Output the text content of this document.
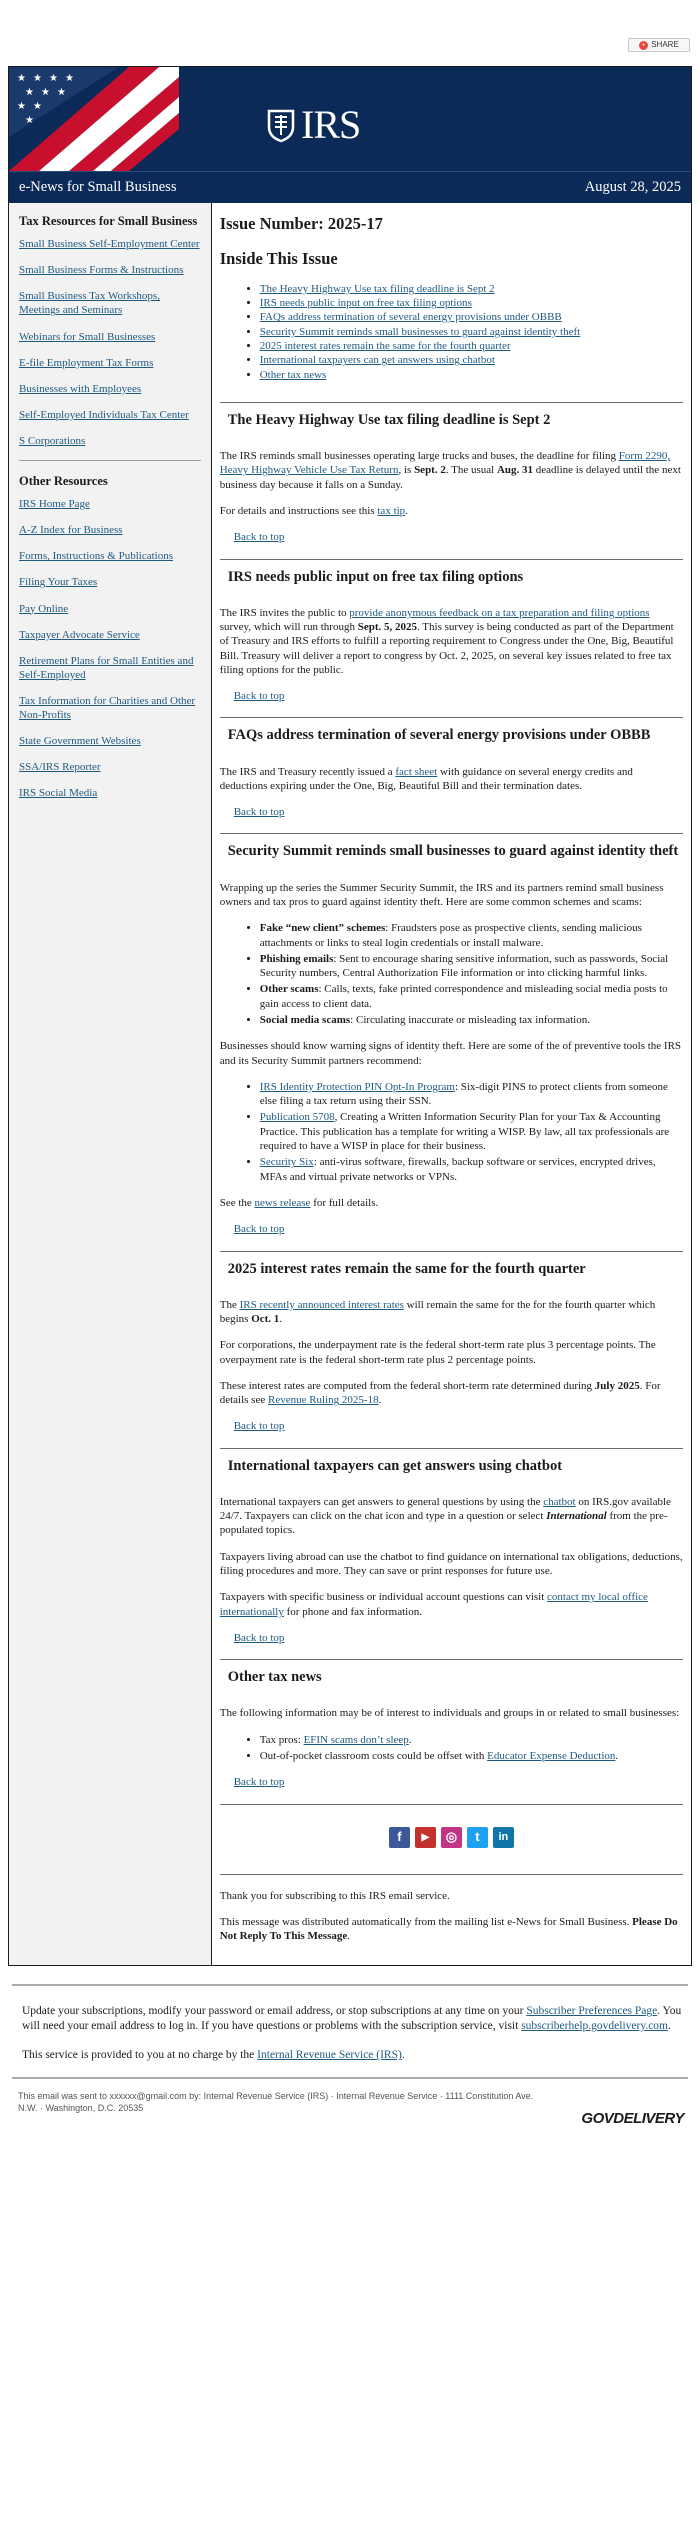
+ SHARE
★ ★ ★ ★
★ ★ ★
★ ★
★	IRS
e-News for Small Business	August 28, 2025
Tax Resources for Small Business
Small Business Self-Employment Center
Small Business Forms & Instructions
Small Business Tax Workshops, Meetings and Seminars
Webinars for Small Businesses
E-file Employment Tax Forms
Businesses with Employees
Self-Employed Individuals Tax Center
S Corporations
Other Resources
IRS Home Page
A-Z Index for Business
Forms, Instructions & Publications
Filing Your Taxes
Pay Online
Taxpayer Advocate Service
Retirement Plans for Small Entities and Self-Employed
Tax Information for Charities and Other Non-Profits
State Government Websites
SSA/IRS Reporter
IRS Social Media
Issue Number: 2025-17
Inside This Issue
• The Heavy Highway Use tax filing deadline is Sept 2
• IRS needs public input on free tax filing options
• FAQs address termination of several energy provisions under OBBB
• Security Summit reminds small businesses to guard against identity theft
• 2025 interest rates remain the same for the fourth quarter
• International taxpayers can get answers using chatbot
• Other tax news
The Heavy Highway Use tax filing deadline is Sept 2

The IRS reminds small businesses operating large trucks and buses, the deadline for filing Form 2290, Heavy Highway Vehicle Use Tax Return, is Sept. 2. The usual Aug. 31 deadline is delayed until the next business day because it falls on a Sunday.

For details and instructions see this tax tip.

Back to top
IRS needs public input on free tax filing options

The IRS invites the public to provide anonymous feedback on a tax preparation and filing options survey, which will run through Sept. 5, 2025. This survey is being conducted as part of the Department of Treasury and IRS efforts to fulfill a reporting requirement to Congress under the One, Big, Beautiful Bill. Treasury will deliver a report to congress by Oct. 2, 2025, on several key issues related to free tax filing options for the public.

Back to top
FAQs address termination of several energy provisions under OBBB

The IRS and Treasury recently issued a fact sheet with guidance on several energy credits and deductions expiring under the One, Big, Beautiful Bill and their termination dates.

Back to top
Security Summit reminds small businesses to guard against identity theft

Wrapping up the series the Summer Security Summit, the IRS and its partners remind small business owners and tax pros to guard against identity theft. Here are some common schemes and scams:

• Fake “new client” schemes: Fraudsters pose as prospective clients, sending malicious attachments or links to steal login credentials or install malware.
• Phishing emails: Sent to encourage sharing sensitive information, such as passwords, Social Security numbers, Central Authorization File information or into clicking harmful links.
• Other scams: Calls, texts, fake printed correspondence and misleading social media posts to gain access to client data.
• Social media scams: Circulating inaccurate or misleading tax information.

Businesses should know warning signs of identity theft. Here are some of the of preventive tools the IRS and its Security Summit partners recommend:

• IRS Identity Protection PIN Opt-In Program: Six-digit PINS to protect clients from someone else filing a tax return using their SSN.
• Publication 5708, Creating a Written Information Security Plan for your Tax & Accounting Practice. This publication has a template for writing a WISP. By law, all tax professionals are required to have a WISP in place for their business.
• Security Six: anti-virus software, firewalls, backup software or services, encrypted drives, MFAs and virtual private networks or VPNs.

See the news release for full details.

Back to top
2025 interest rates remain the same for the fourth quarter

The IRS recently announced interest rates will remain the same for the for the fourth quarter which begins Oct. 1.

For corporations, the underpayment rate is the federal short-term rate plus 3 percentage points. The overpayment rate is the federal short-term rate plus 2 percentage points.

These interest rates are computed from the federal short-term rate determined during July 2025. For details see Revenue Ruling 2025-18.

Back to top
International taxpayers can get answers using chatbot

International taxpayers can get answers to general questions by using the chatbot on IRS.gov available 24/7. Taxpayers can click on the chat icon and type in a question or select International from the pre-populated topics.

Taxpayers living abroad can use the chatbot to find guidance on international tax obligations, deductions, filing procedures and more. They can save or print responses for future use.

Taxpayers with specific business or individual account questions can visit contact my local office internationally for phone and fax information.

Back to top
Other tax news

The following information may be of interest to individuals and groups in or related to small businesses:

• Tax pros: EFIN scams don’t sleep.
• Out-of-pocket classroom costs could be offset with Educator Expense Deduction.
Back to top
f	▶	◎	t	in

Thank you for subscribing to this IRS email service.

This message was distributed automatically from the mailing list e-News for Small Business. Please Do Not Reply To This Message.

Update your subscriptions, modify your password or email address, or stop subscriptions at any time on your Subscriber Preferences Page. You will need your email address to log in. If you have questions or problems with the subscription service, visit subscriberhelp.govdelivery.com.

This service is provided to you at no charge by the Internal Revenue Service (IRS).

This email was sent to xxxxxx@gmail.com by: Internal Revenue Service (IRS) · Internal Revenue Service · 1111 Constitution Ave. N.W. · Washington, D.C. 20535

GOVDELIVERY
